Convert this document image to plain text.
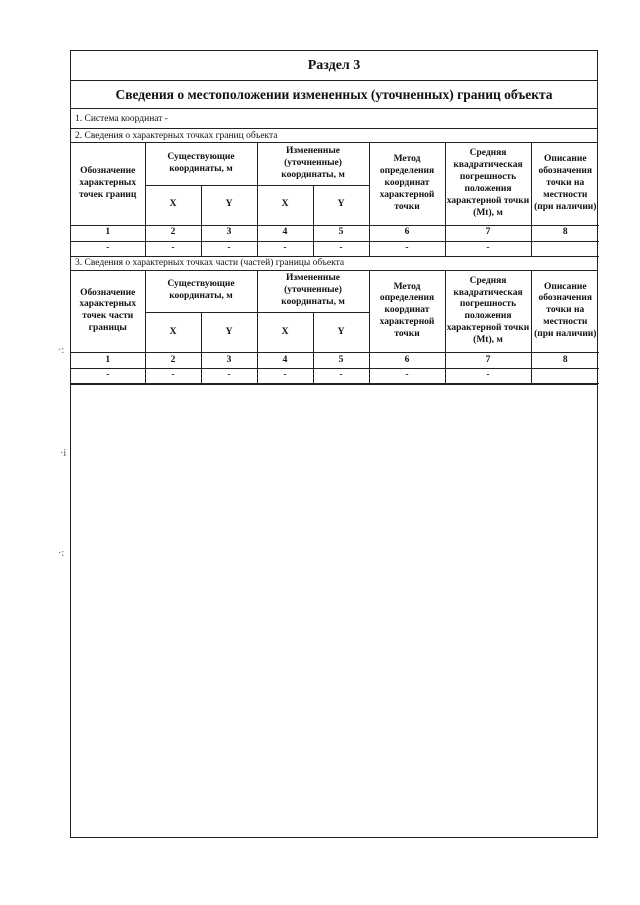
·:
·i
·:
Раздел 3
Сведения о местоположении измененных (уточненных) границ объекта
1. Система координат -
2. Сведения о характерных точках границ объекта
Обозначение характерных точек границ	Существующие координаты, м		Измененные (уточненные) координаты, м		Метод определения координат характерной точки	Средняя квадратическая погрешность положения характерной точки (Mt), м	Описание обозначения точки на местности (при наличии)
	X	Y	X	Y			
1	2	3	4	5	6	7	8
-	-	-	-	-	-	-	
3. Сведения о характерных точках части (частей) границы объекта
Обозначение характерных точек части границы	Существующие координаты, м		Измененные (уточненные) координаты, м		Метод определения координат характерной точки	Средняя квадратическая погрешность положения характерной точки (Mt), м	Описание обозначения точки на местности (при наличии)
	X	Y	X	Y			
1	2	3	4	5	6	7	8
-	-	-	-	-	-	-	
